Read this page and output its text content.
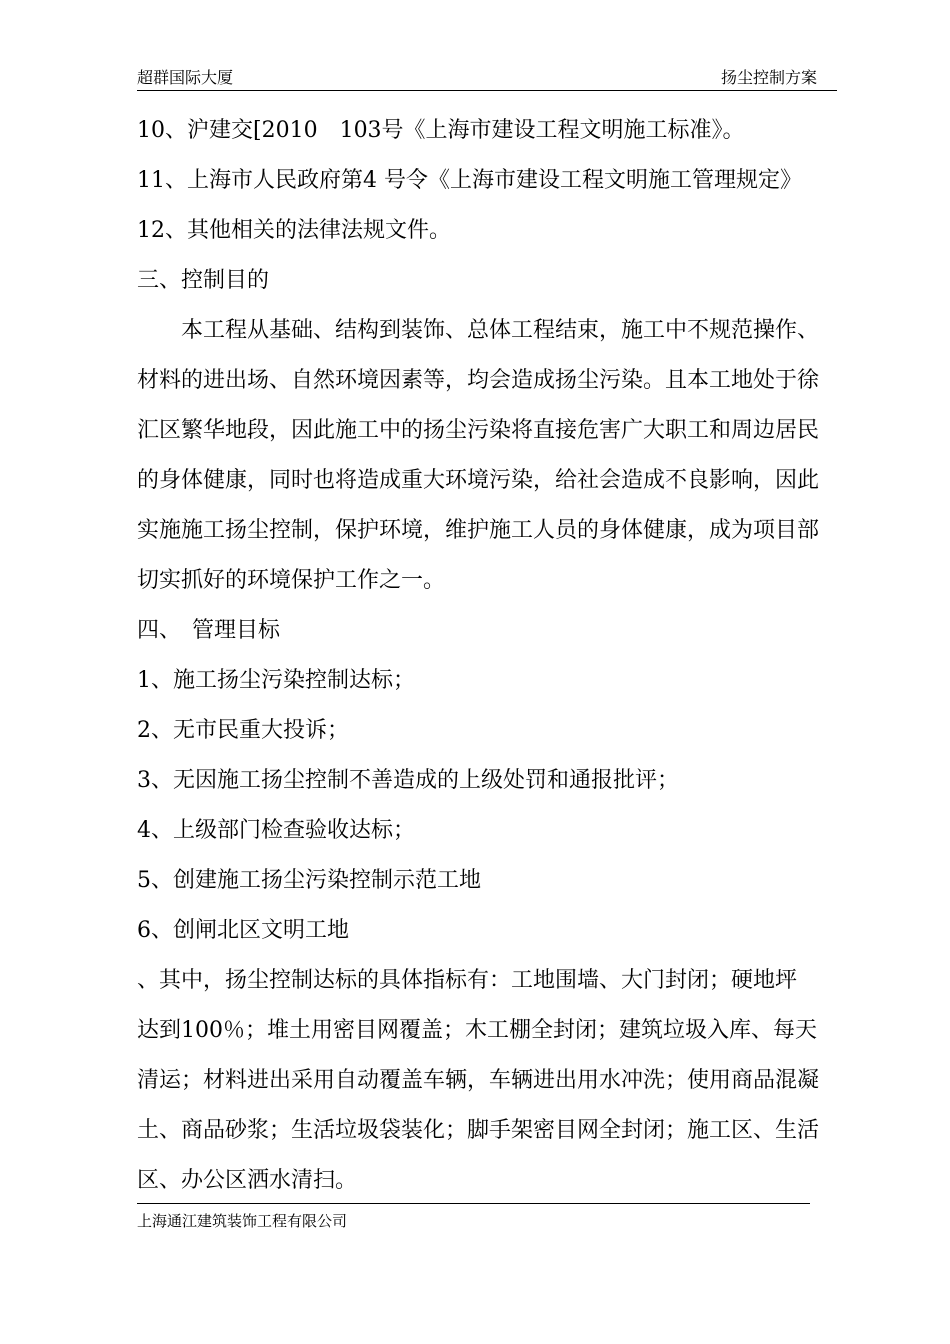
超群国际大厦	扬尘控制方案
10、沪建交[2010　103号《上海市建设工程文明施工标准》。
11、上海市人民政府第4 号令《上海市建设工程文明施工管理规定》
12、其他相关的法律法规文件。
三、控制目的
　　本工程从基础、结构到装饰、总体工程结束，施工中不规范操作、
材料的进出场、自然环境因素等，均会造成扬尘污染。且本工地处于徐
汇区繁华地段，因此施工中的扬尘污染将直接危害广大职工和周边居民
的身体健康，同时也将造成重大环境污染，给社会造成不良影响，因此
实施施工扬尘控制，保护环境，维护施工人员的身体健康，成为项目部
切实抓好的环境保护工作之一。
四、　管理目标
1、施工扬尘污染控制达标；
2、无市民重大投诉；
3、无因施工扬尘控制不善造成的上级处罚和通报批评；
4、上级部门检查验收达标；
5、创建施工扬尘污染控制示范工地
6、创闸北区文明工地
、其中，扬尘控制达标的具体指标有：工地围墙、大门封闭；硬地坪
达到100％；堆土用密目网覆盖；木工棚全封闭；建筑垃圾入库、每天
清运；材料进出采用自动覆盖车辆，车辆进出用水冲洗；使用商品混凝
土、商品砂浆；生活垃圾袋装化；脚手架密目网全封闭；施工区、生活
区、办公区洒水清扫。
上海通江建筑装饰工程有限公司
